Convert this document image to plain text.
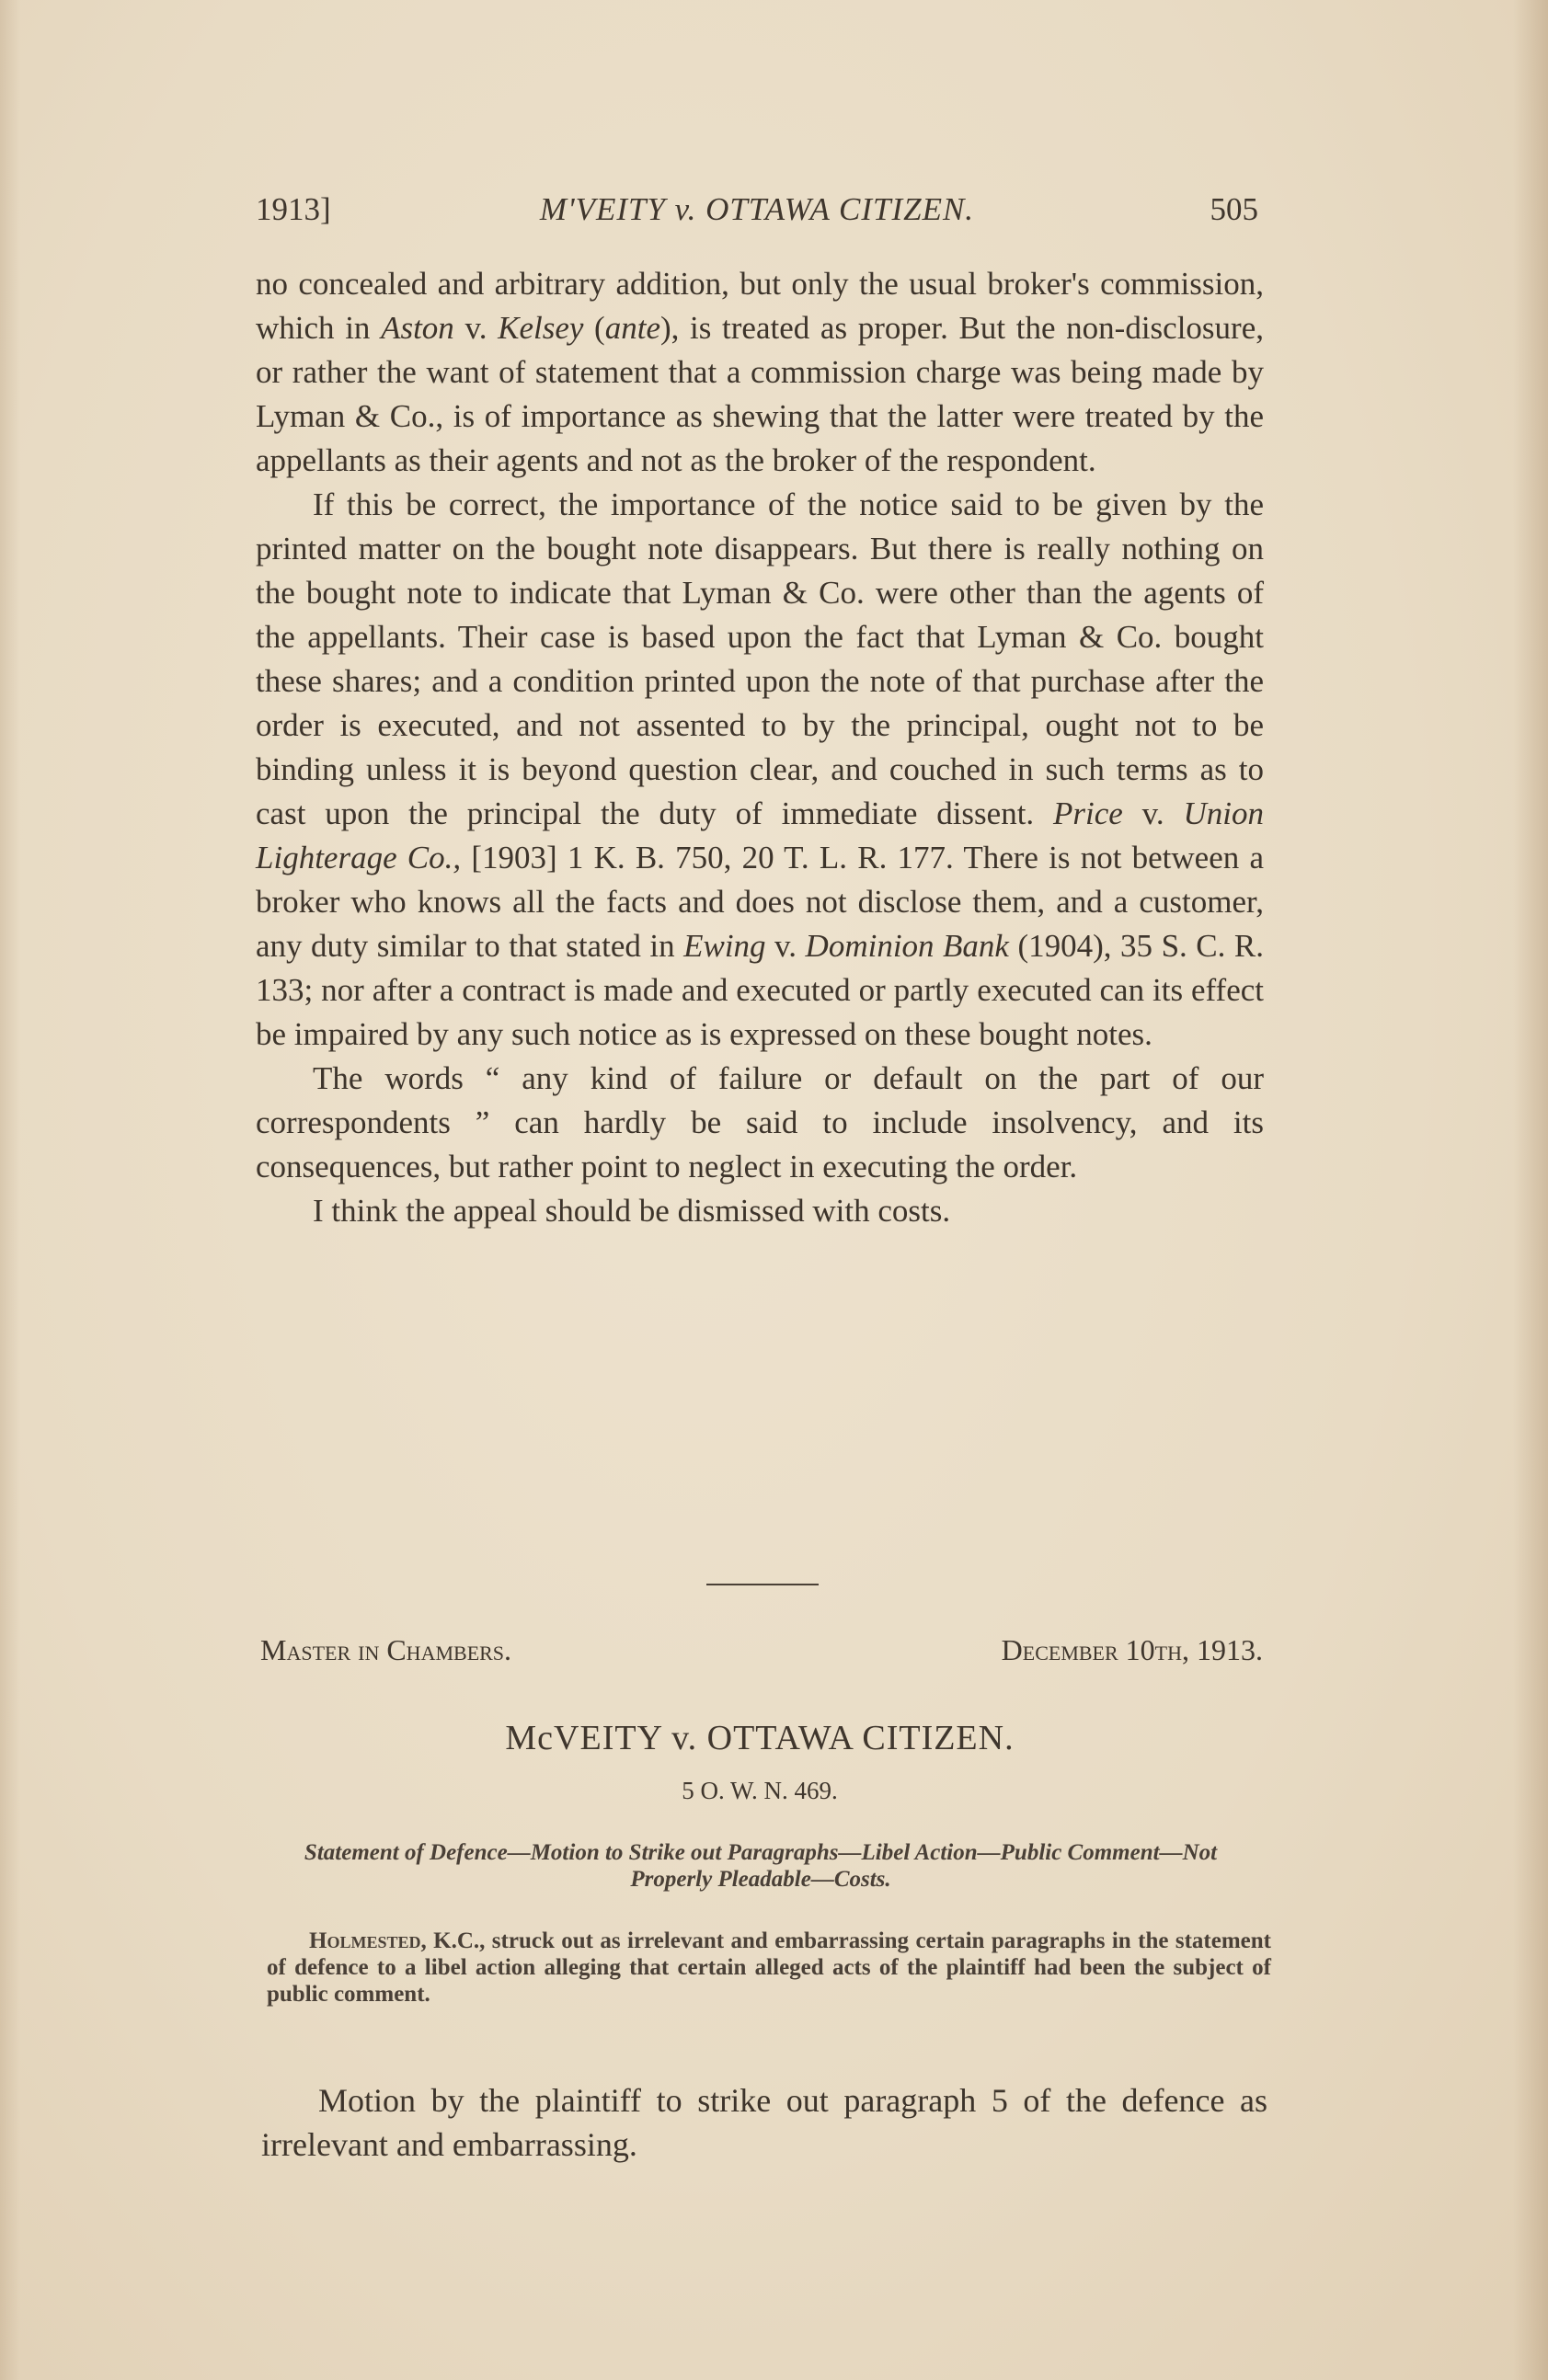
1913]	M'VEITY v. OTTAWA CITIZEN.	505

no concealed and arbitrary addition, but only the usual broker's commission, which in Aston v. Kelsey (ante), is treated as proper. But the non-disclosure, or rather the want of statement that a commission charge was being made by Lyman & Co., is of importance as shewing that the latter were treated by the appellants as their agents and not as the broker of the respondent.

If this be correct, the importance of the notice said to be given by the printed matter on the bought note disappears. But there is really nothing on the bought note to indicate that Lyman & Co. were other than the agents of the appellants. Their case is based upon the fact that Lyman & Co. bought these shares; and a condition printed upon the note of that purchase after the order is executed, and not assented to by the principal, ought not to be binding unless it is beyond question clear, and couched in such terms as to cast upon the principal the duty of immediate dissent. Price v. Union Lighterage Co., [1903] 1 K. B. 750, 20 T. L. R. 177. There is not between a broker who knows all the facts and does not disclose them, and a customer, any duty similar to that stated in Ewing v. Dominion Bank (1904), 35 S. C. R. 133; nor after a contract is made and executed or partly executed can its effect be impaired by any such notice as is expressed on these bought notes.

The words “ any kind of failure or default on the part of our correspondents ” can hardly be said to include insolvency, and its consequences, but rather point to neglect in executing the order.

I think the appeal should be dismissed with costs.

Master in Chambers.	December 10th, 1913.
McVEITY v. OTTAWA CITIZEN.
5 O. W. N. 469.
Statement of Defence—Motion to Strike out Paragraphs—Libel Action—Public Comment—Not Properly Pleadable—Costs.
Holmested, K.C., struck out as irrelevant and embarrassing certain paragraphs in the statement of defence to a libel action alleging that certain alleged acts of the plaintiff had been the subject of public comment.
Motion by the plaintiff to strike out paragraph 5 of the defence as irrelevant and embarrassing.
